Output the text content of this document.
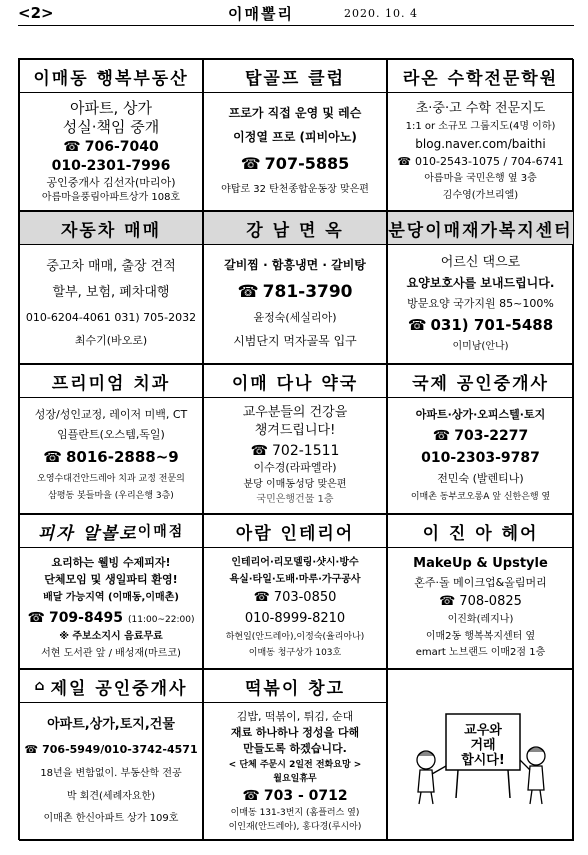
<2>	이매뽈리	2020. 10. 4
이매동 행복부동산
아파트, 상가
성실·책임 중개
☎ 706-7040
010-2301-7996
공인중개사 김선자(마리아)
아름마을풍림아파트상가 108호
탑골프 클럽
프로가 직접 운영 및 레슨
이정열 프로 (피비아노)
☎ 707-5885
야탑로 32 탄천종합운동장 맞은편
라온 수학전문학원
초·중·고 수학 전문지도
1:1 or 소규모 그룹지도(4명 이하)
blog.naver.com/baithi
☎ 010-2543-1075 / 704-6741
아름마을 국민은행 옆 3층
김수영(가브리엘)
자동차 매매
중고차 매매, 출장 견적
할부, 보험, 폐차대행
010-6204-4061 031) 705-2032
최수기(바오로)
강 남 면 옥
갈비찜 · 함흥냉면 · 갈비탕
☎ 781-3790
윤정숙(세실리아)
시범단지 먹자골목 입구
분당이매재가복지센터
어르신 댁으로
요양보호사를 보내드립니다.
방문요양 국가지원 85~100%
☎ 031) 701-5488
이미남(안나)
프리미엄 치과
성장/성인교정, 레이저 미백, CT
임플란트(오스템,독일)
☎ 8016-2888~9
오영수대건안드레아 치과 교정 전문의
삼평동 봇들마을 (우리은행 3층)
이매 다나 약국
교우분들의 건강을
챙겨드립니다!
☎ 702-1511
이수경(라파엘라)
분당 이매동성당 맞은편
국민은행건물 1층
국제 공인중개사
아파트·상가·오피스텔·토지
☎ 703-2277
010-2303-9787
전민숙 (발렌티나)
이매촌 동부코오롱A 앞 신한은행 옆
피자 알볼로 이매점
요리하는 웰빙 수제피자!
단체모임 및 생일파티 환영!
배달 가능지역 (이매동,이매촌)
☎ 709-8495 (11:00~22:00)
※ 주보소지시 음료무료
서현 도서관 앞 / 배성재(마르코)
아람 인테리어
인테리어·리모델링·샷시·방수
욕실·타일·도배·마루·가구공사
☎ 703-0850
010-8999-8210
하현일(안드레아),이정숙(율리아나)
이매동 청구상가 103호
이 진 아 헤어
MakeUp & Upstyle
혼주·돌 메이크업&올림머리
☎ 708-0825
이진화(레지나)
이매2동 행복복지센터 옆
emart 노브랜드 이매2점 1층
⌂ 제일 공인중개사
아파트,상가,토지,건물
☎ 706-5949/010-3742-4571
18년을 변함없이. 부동산학 전공
박 회견(세례자요한)
이매촌 한신아파트 상가 109호
떡볶이 창고
김밥, 떡볶이, 튀김, 순대
재료 하나하나 정성을 다해
만들도록 하겠습니다.
< 단체 주문시 2일전 전화요망 >
월요일휴무
☎ 703 - 0712
이매동 131-3번지 (홈플러스 옆)
이인재(안드레아), 홍다경(루시아)
교우와
거래
합시다!
